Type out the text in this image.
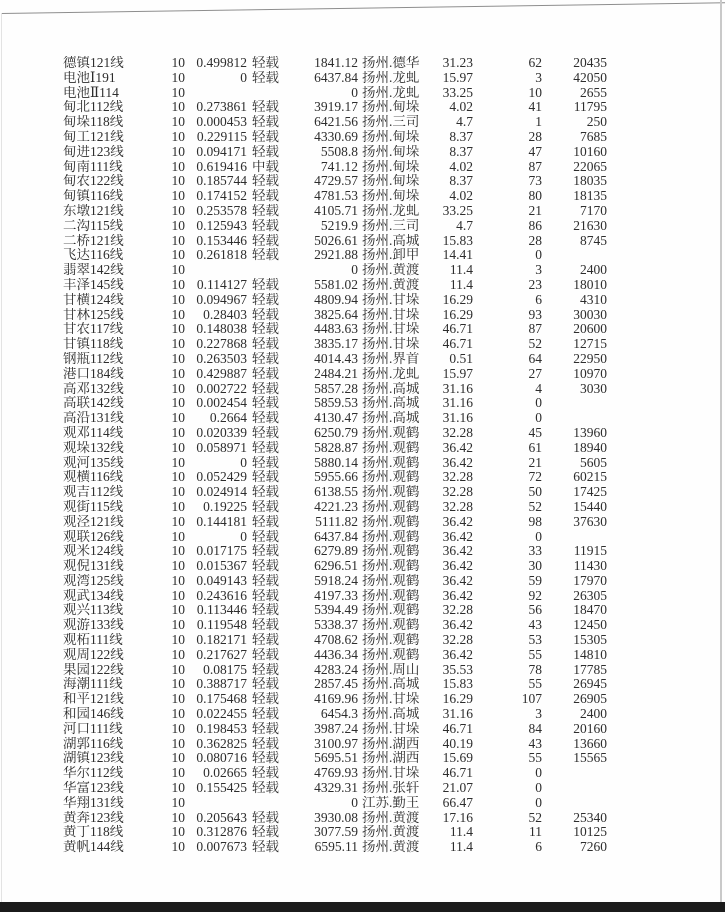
德镇121线	10 0.499812 轻载	1841.12 扬州.德华	31.23	62	20435
电池Ⅰ191	10	0 轻载	6437.84 扬州.龙虬	15.97	3	42050
电池Ⅱ114	10	0 扬州.龙虬	33.25	10	2655
甸北112线	10 0.273861 轻载	3919.17 扬州.甸垛	4.02	41	11795
甸垛118线	10 0.000453 轻载	6421.56 扬州.三司	4.7	1	250
甸工121线	10 0.229115 轻载	4330.69 扬州.甸垛	8.37	28	7685
甸进123线	10 0.094171 轻载	5508.8 扬州.甸垛	8.37	47	10160
甸南111线	10 0.619416 中载	741.12 扬州.甸垛	4.02	87	22065
甸农122线	10 0.185744 轻载	4729.57 扬州.甸垛	8.37	73	18035
甸镇116线	10 0.174152 轻载	4781.53 扬州.甸垛	4.02	80	18135
东墩121线	10 0.253578 轻载	4105.71 扬州.龙虬	33.25	21	7170
二沟115线	10 0.125943 轻载	5219.9 扬州.三司	4.7	86	21630
二桥121线	10 0.153446 轻载	5026.61 扬州.高城	15.83	28	8745
飞达116线	10 0.261818 轻载	2921.88 扬州.卸甲	14.41	0
翡翠142线	10	0 扬州.黄渡	11.4	3	2400
丰泽145线	10 0.114127 轻载	5581.02 扬州.黄渡	11.4	23	18010
甘横124线	10 0.094967 轻载	4809.94 扬州.甘垛	16.29	6	4310
甘林125线	10	0.28403 轻载	3825.64 扬州.甘垛	16.29	93	30030
甘农117线	10 0.148038 轻载	4483.63 扬州.甘垛	46.71	87	20600
甘镇118线	10 0.227868 轻载	3835.17 扬州.甘垛	46.71	52	12715
钢瓶112线	10 0.263503 轻载	4014.43 扬州.界首	0.51	64	22950
港口184线	10 0.429887 轻载	2484.21 扬州.龙虬	15.97	27	10970
高邓132线	10 0.002722 轻载	5857.28 扬州.高城	31.16	4	3030
高联142线	10 0.002454 轻载	5859.53 扬州.高城	31.16	0
高沿131线	10	0.2664 轻载	4130.47 扬州.高城	31.16	0
观邓114线	10 0.020339 轻载	6250.79 扬州.观鹤	32.28	45	13960
观垛132线	10 0.058971 轻载	5828.87 扬州.观鹤	36.42	61	18940
观河135线	10	0 轻载	5880.14 扬州.观鹤	36.42	21	5605
观横116线	10 0.052429 轻载	5955.66 扬州.观鹤	32.28	72	60215
观吉112线	10 0.024914 轻载	6138.55 扬州.观鹤	32.28	50	17425
观街115线	10	0.19225 轻载	4221.23 扬州.观鹤	32.28	52	15440
观泾121线	10 0.144181 轻载	5111.82 扬州.观鹤	36.42	98	37630
观联126线	10	0 轻载	6437.84 扬州.观鹤	36.42	0
观米124线	10 0.017175 轻载	6279.89 扬州.观鹤	36.42	33	11915
观倪131线	10 0.015367 轻载	6296.51 扬州.观鹤	36.42	30	11430
观湾125线	10 0.049143 轻载	5918.24 扬州.观鹤	36.42	59	17970
观武134线	10 0.243616 轻载	4197.33 扬州.观鹤	36.42	92	26305
观兴113线	10 0.113446 轻载	5394.49 扬州.观鹤	32.28	56	18470
观游133线	10 0.119548 轻载	5338.37 扬州.观鹤	36.42	43	12450
观柘111线	10 0.182171 轻载	4708.62 扬州.观鹤	32.28	53	15305
观周122线	10 0.217627 轻载	4436.34 扬州.观鹤	36.42	55	14810
果园122线	10	0.08175 轻载	4283.24 扬州.周山	35.53	78	17785
海潮111线	10 0.388717 轻载	2857.45 扬州.高城	15.83	55	26945
和平121线	10 0.175468 轻载	4169.96 扬州.甘垛	16.29	107	26905
和园146线	10 0.022455 轻载	6454.3 扬州.高城	31.16	3	2400
河口111线	10 0.198453 轻载	3987.24 扬州.甘垛	46.71	84	20160
湖郭116线	10 0.362825 轻载	3100.97 扬州.湖西	40.19	43	13660
湖镇123线	10 0.080716 轻载	5695.51 扬州.湖西	15.69	55	15565
华尔112线	10	0.02665 轻载	4769.93 扬州.甘垛	46.71	0
华富123线	10 0.155425 轻载	4329.31 扬州.张轩	21.07	0
华翔131线	10	0 江苏.勤王	66.47	0
黄奔123线	10 0.205643 轻载	3930.08 扬州.黄渡	17.16	52	25340
黄丁118线	10 0.312876 轻载	3077.59 扬州.黄渡	11.4	11	10125
黄帆144线	10 0.007673 轻载	6595.11 扬州.黄渡	11.4	6	7260
